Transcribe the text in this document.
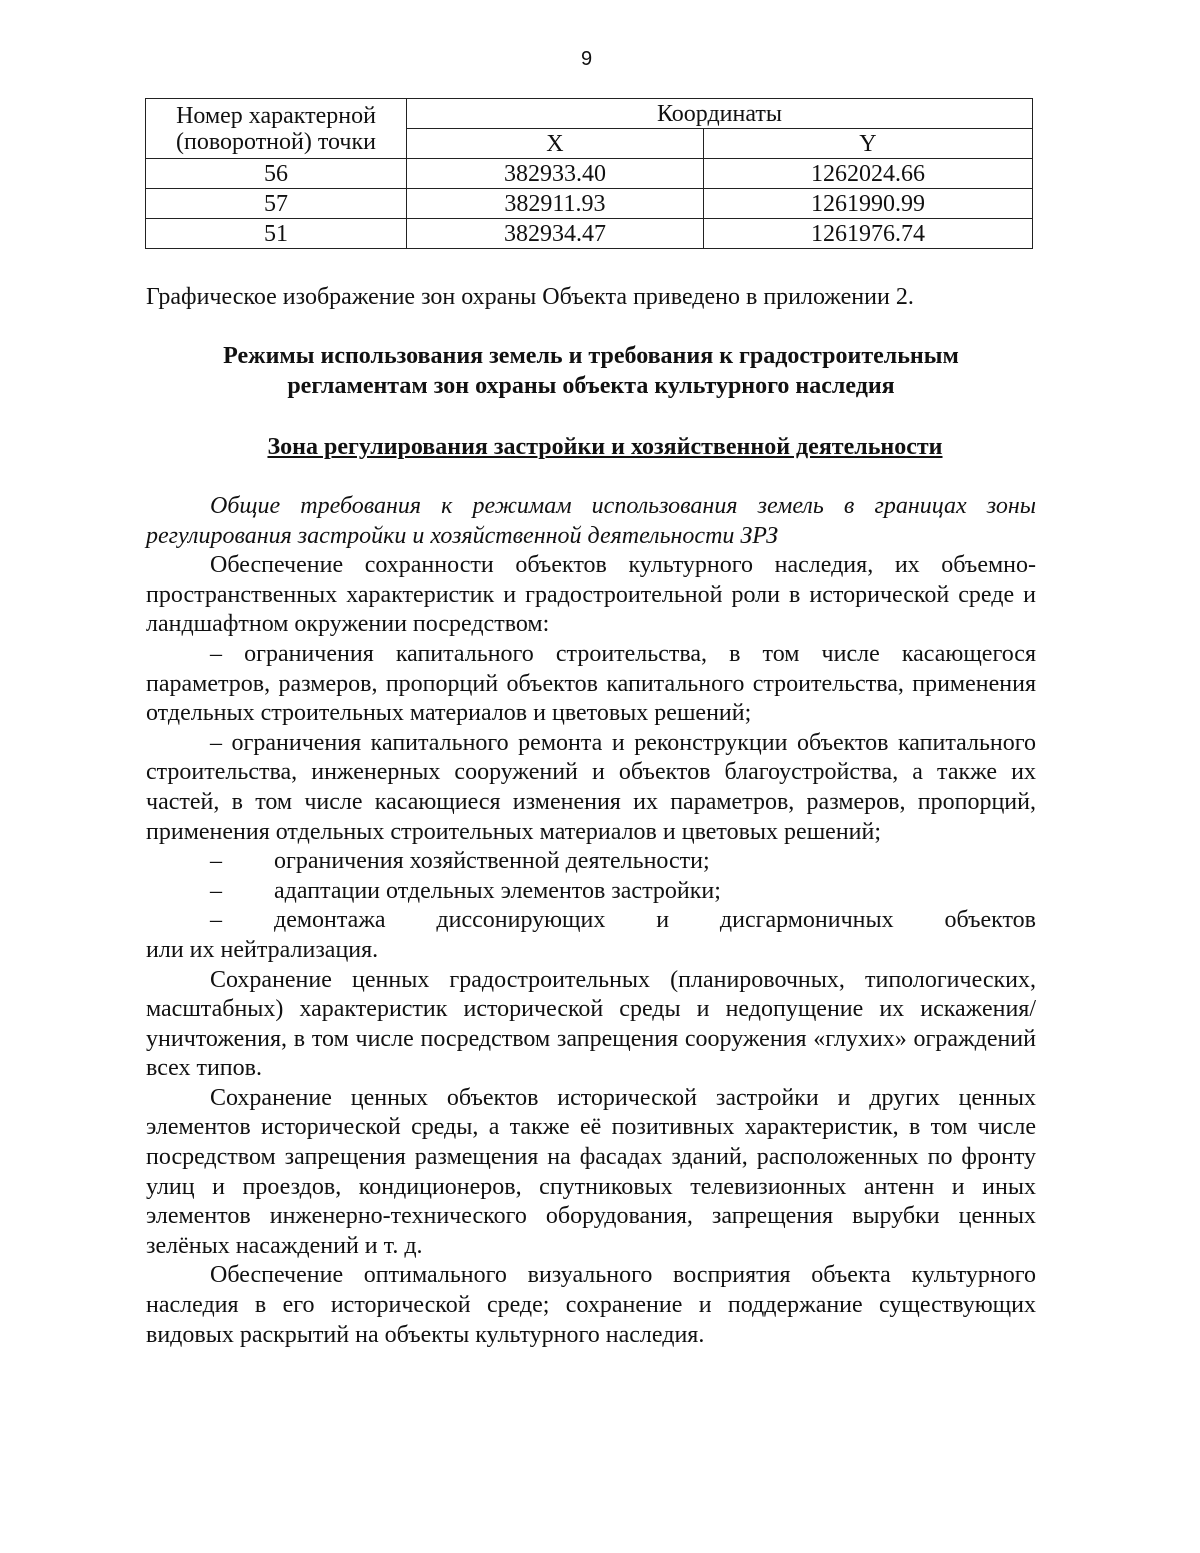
9
Номер характерной
(поворотной) точки	Координаты	
	X	Y
56	382933.40	1262024.66
57	382911.93	1261990.99
51	382934.47	1261976.74

Графическое изображение зон охраны Объекта приведено в приложении 2.

Режимы использования земель и требования к градостроительным

регламентам зон охраны объекта культурного наследия

Зона регулирования застройки и хозяйственной деятельности

Общие требования к режимам использования земель в границах зоны регулирования застройки и хозяйственной деятельности ЗРЗ

Обеспечение сохранности объектов культурного наследия, их объемно-пространственных характеристик и градостроительной роли в исторической среде и ландшафтном окружении посредством:

– ограничения капитального строительства, в том числе касающегося параметров, размеров, пропорций объектов капитального строительства, применения отдельных строительных материалов и цветовых решений;

– ограничения капитального ремонта и реконструкции объектов капитального строительства, инженерных сооружений и объектов благоустройства, а также их частей, в том числе касающиеся изменения их параметров, размеров, пропорций, применения отдельных строительных материалов и цветовых решений;

–	ограничения хозяйственной деятельности;
–	адаптации отдельных элементов застройки;
–	демонтажа диссонирующих и дисгармоничных объектов

или их нейтрализация.

Сохранение ценных градостроительных (планировочных, типологических, масштабных) характеристик исторической среды и недопущение их искажения/уничтожения, в том числе посредством запрещения сооружения «глухих» ограждений всех типов.

Сохранение ценных объектов исторической застройки и других ценных элементов исторической среды, а также её позитивных характеристик, в том числе посредством запрещения размещения на фасадах зданий, расположенных по фронту улиц и проездов, кондиционеров, спутниковых телевизионных антенн и иных элементов инженерно-технического оборудования, запрещения вырубки ценных зелёных насаждений и т. д.

Обеспечение оптимального визуального восприятия объекта культурного наследия в его исторической среде; сохранение и поддержание существующих видовых раскрытий на объекты культурного наследия.
